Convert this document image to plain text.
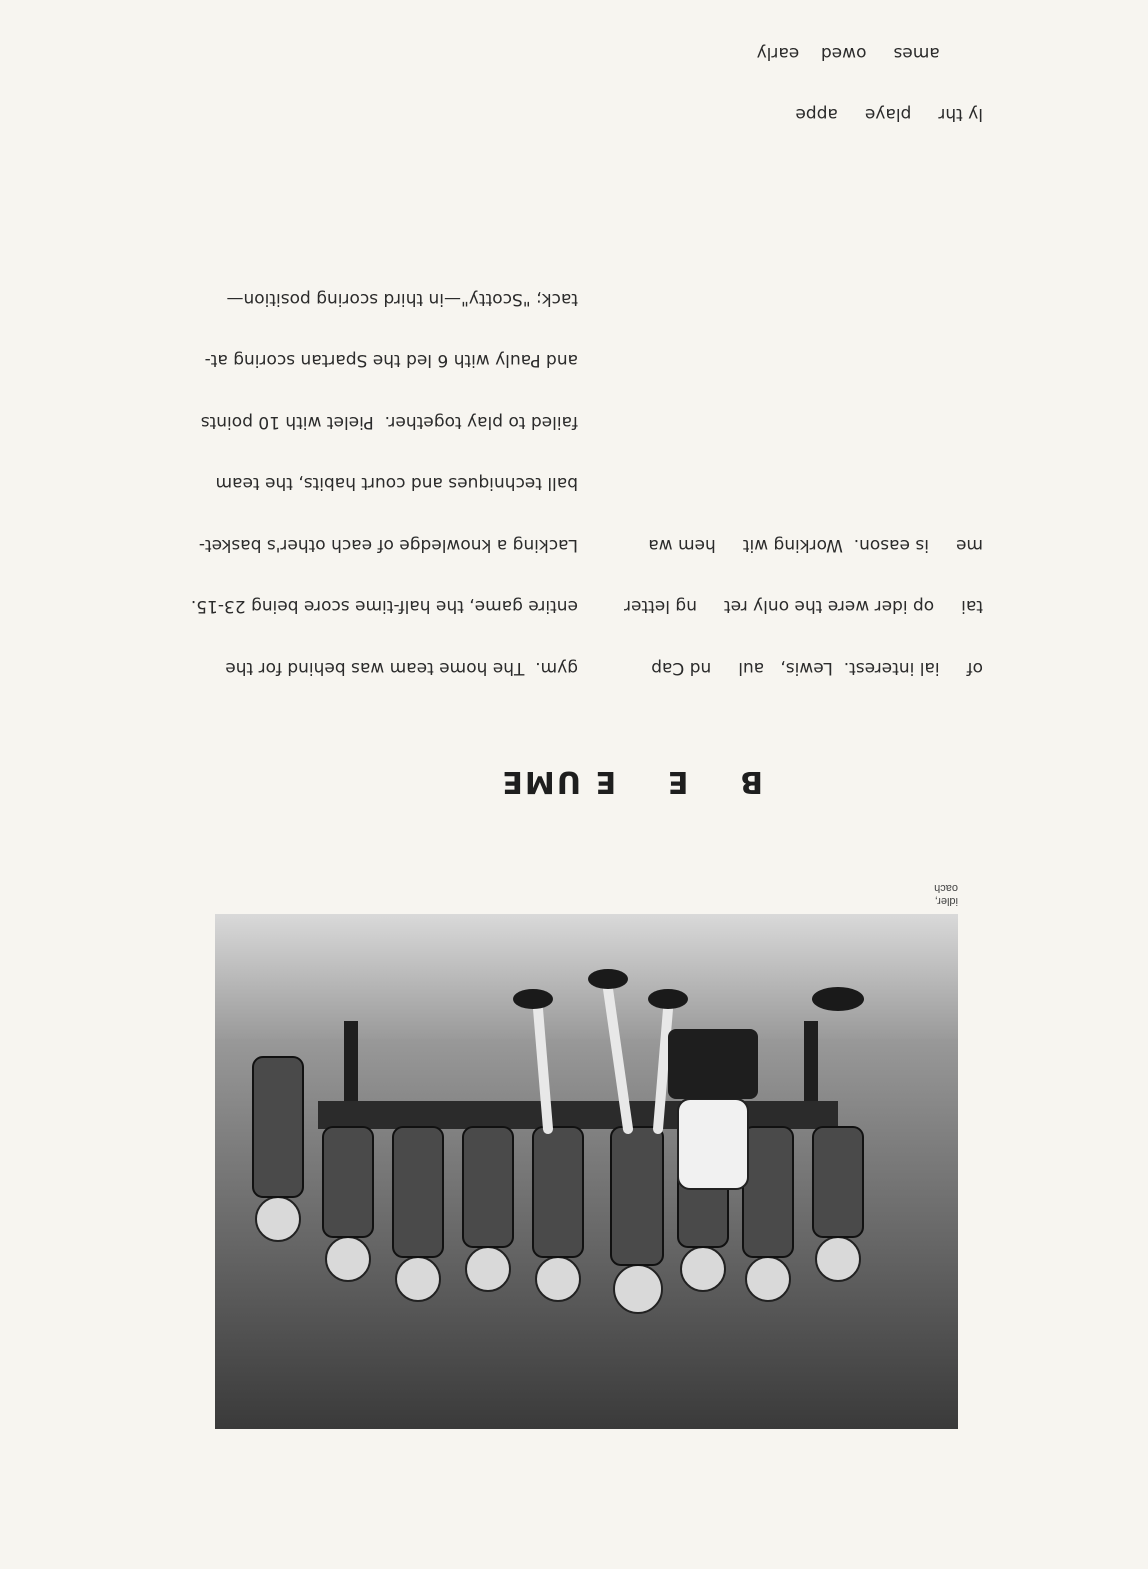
idler,
oach
B    E    E UME

of     ial interest.  Lewis,   aul     nd Cap

tai     op ider were the only ret     ng letter

me     is eason.  Working wit     hem wa

ly thr     playe     appe

ames     owed    early

gym.  The home team was behind for the

entire game, the half-time score being 23-15.

Lacking a knowledge of each other's basket-

ball techniques and court habits, the team

failed to play together.  Pielet with 10 points

and Pauly with 6 led the Spartan scoring at-

tack; "Scotty"—in third scoring position—
